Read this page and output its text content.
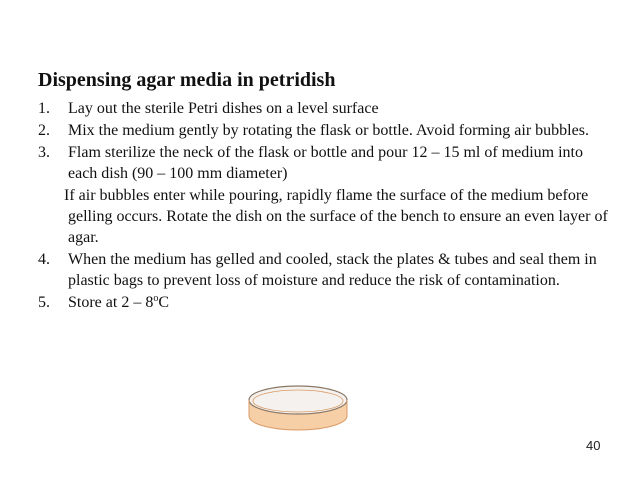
Dispensing agar media in petridish
1. Lay out the sterile Petri dishes on a level surface
2. Mix the medium gently by rotating the flask or bottle. Avoid forming air bubbles.
3. Flam sterilize the neck of the flask or bottle and pour 12 – 15 ml of medium into each dish (90 – 100 mm diameter)
If air bubbles enter while pouring, rapidly flame the surface of the medium before gelling occurs. Rotate the dish on the surface of the bench to ensure an even layer of agar.
4. When the medium has gelled and cooled, stack the plates & tubes and seal them in plastic bags to prevent loss of moisture and reduce the risk of contamination.
5. Store at 2 – 8$^o$C
40
